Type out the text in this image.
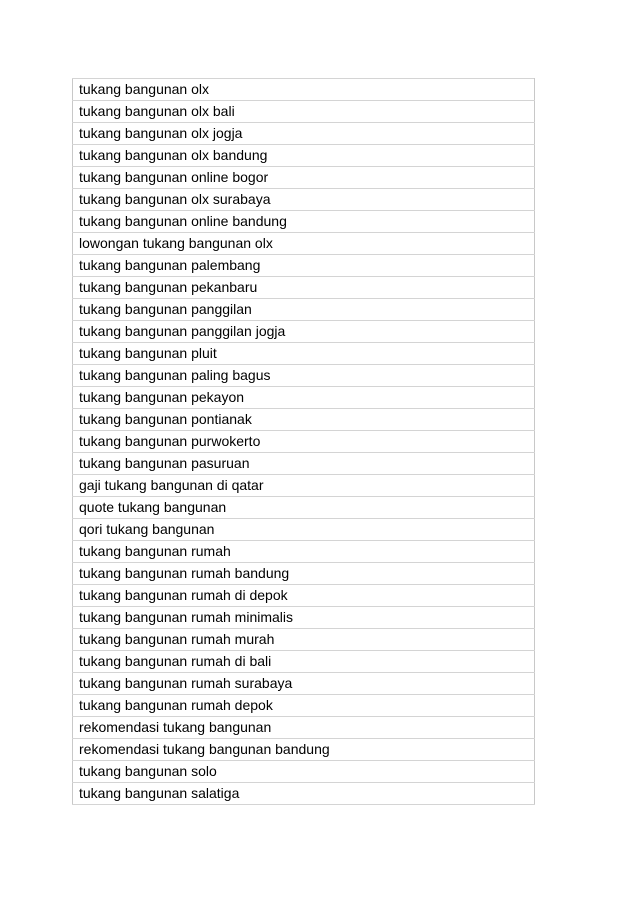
tukang bangunan olx
tukang bangunan olx bali
tukang bangunan olx jogja
tukang bangunan olx bandung
tukang bangunan online bogor
tukang bangunan olx surabaya
tukang bangunan online bandung
lowongan tukang bangunan olx
tukang bangunan palembang
tukang bangunan pekanbaru
tukang bangunan panggilan
tukang bangunan panggilan jogja
tukang bangunan pluit
tukang bangunan paling bagus
tukang bangunan pekayon
tukang bangunan pontianak
tukang bangunan purwokerto
tukang bangunan pasuruan
gaji tukang bangunan di qatar
quote tukang bangunan
qori tukang bangunan
tukang bangunan rumah
tukang bangunan rumah bandung
tukang bangunan rumah di depok
tukang bangunan rumah minimalis
tukang bangunan rumah murah
tukang bangunan rumah di bali
tukang bangunan rumah surabaya
tukang bangunan rumah depok
rekomendasi tukang bangunan
rekomendasi tukang bangunan bandung
tukang bangunan solo
tukang bangunan salatiga
